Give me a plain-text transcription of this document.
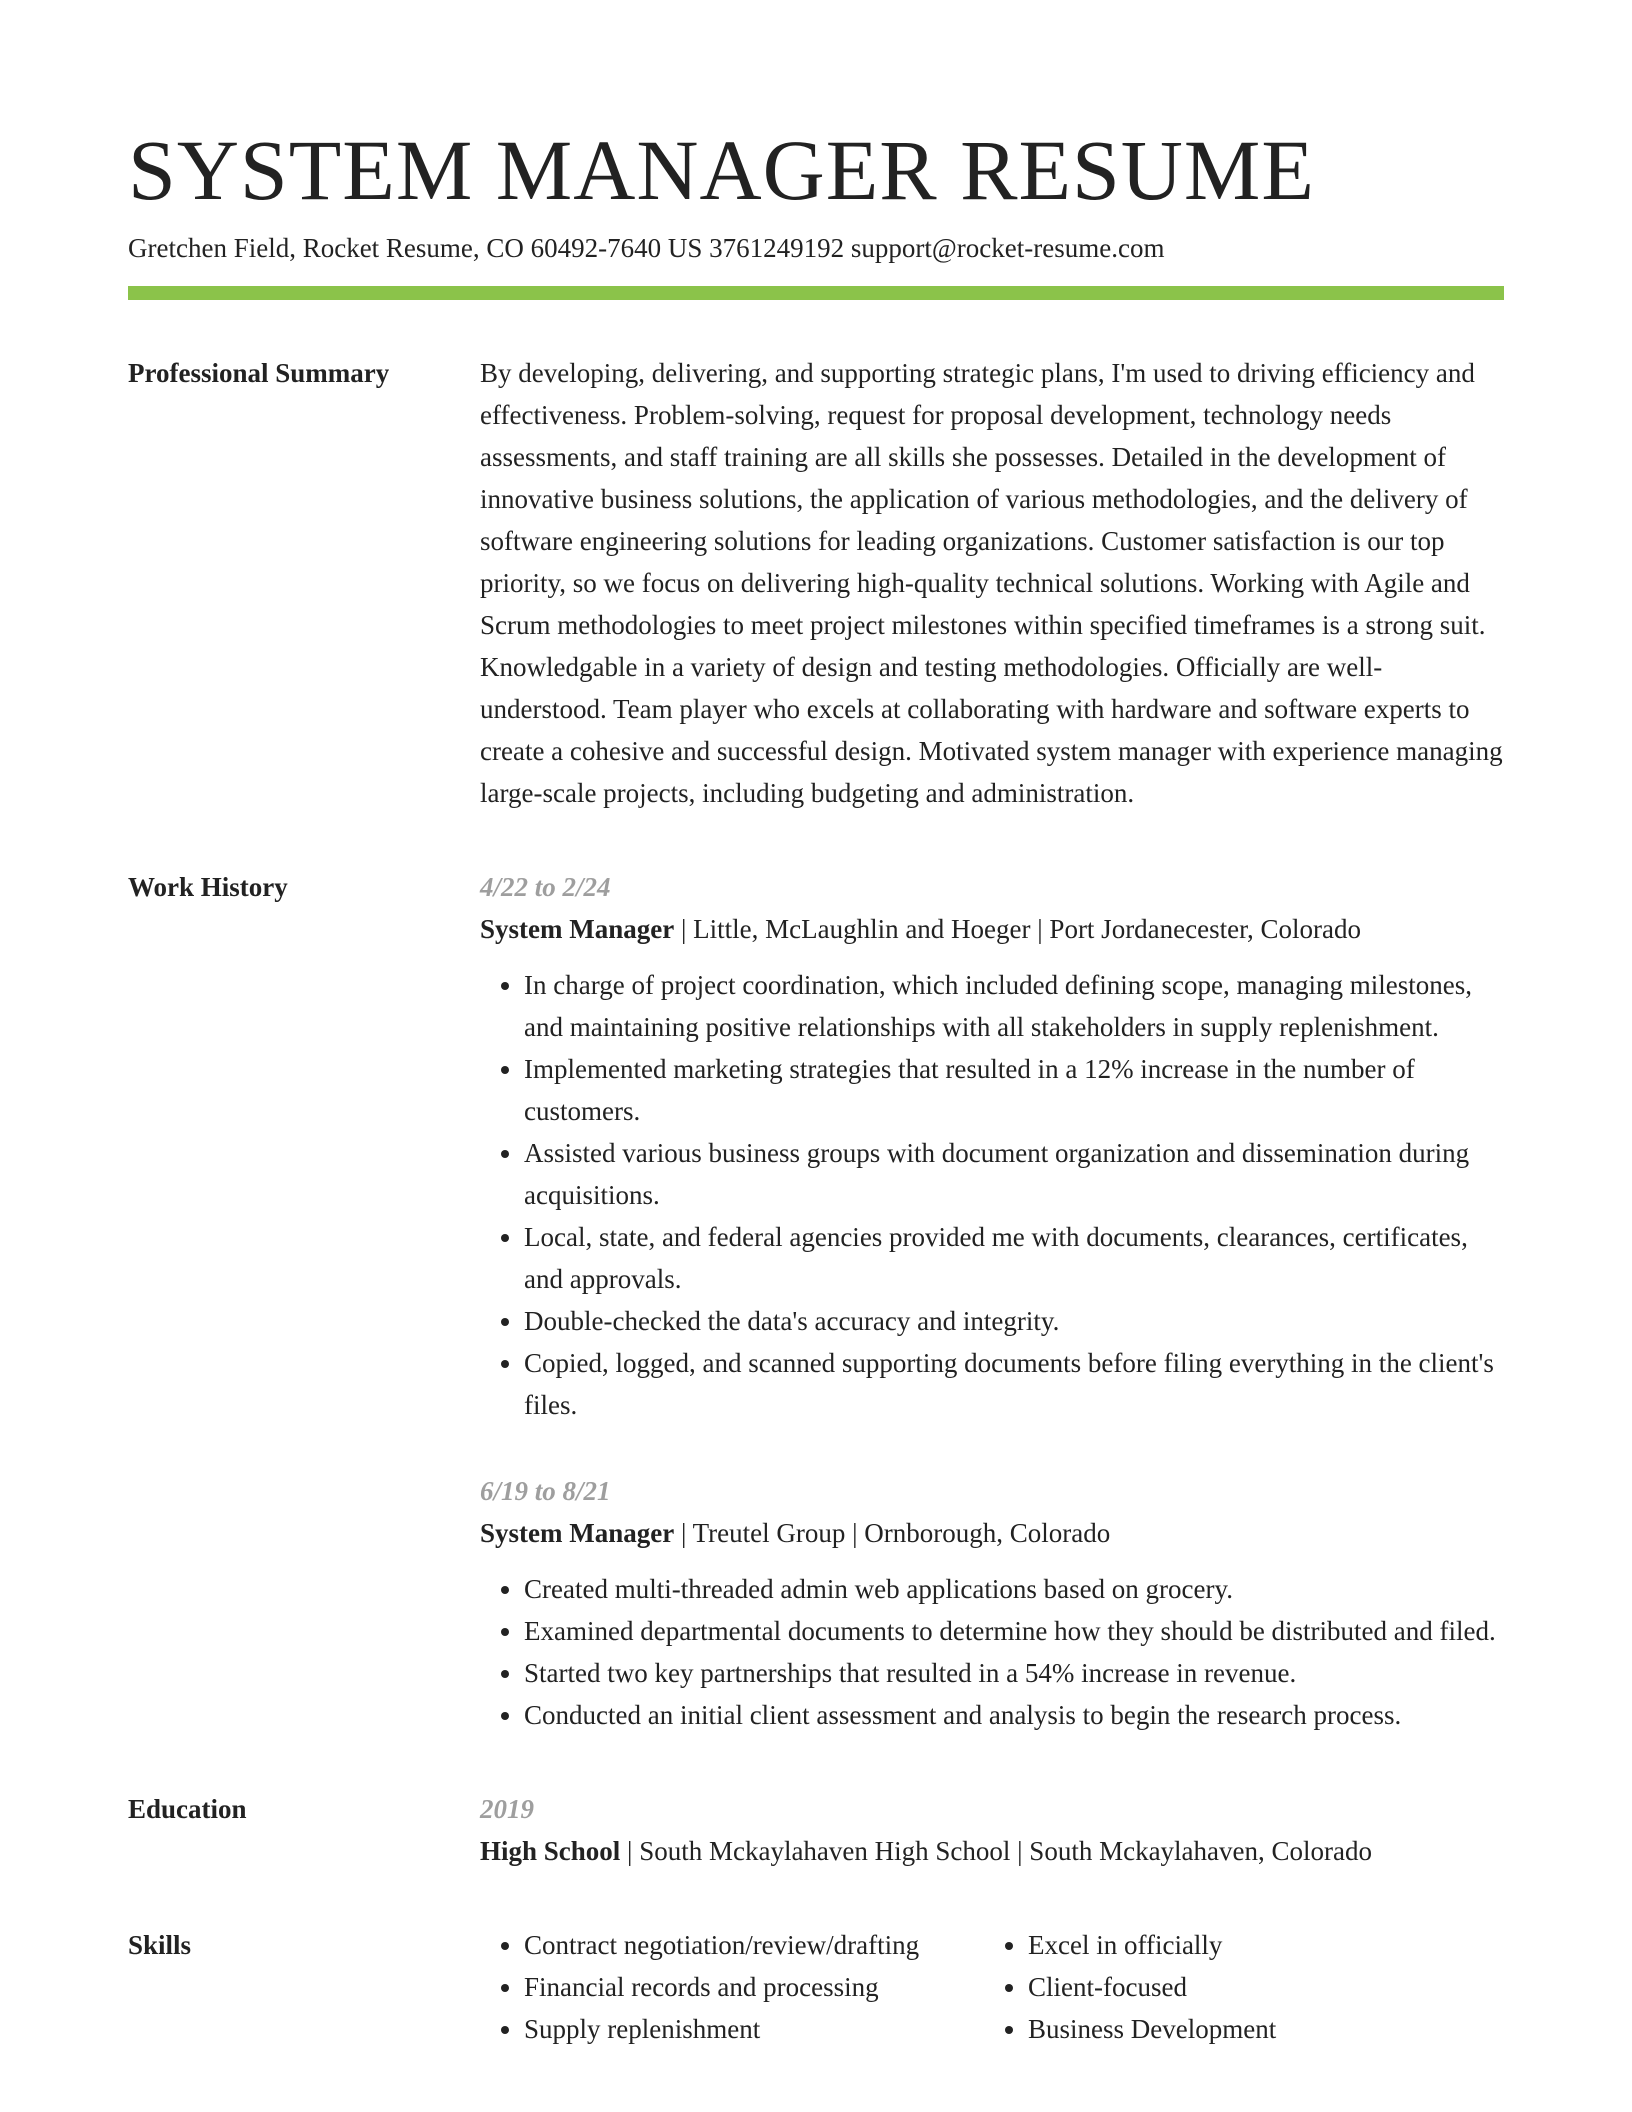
SYSTEM MANAGER RESUME
Gretchen Field, Rocket Resume, CO 60492-7640 US 3761249192 support@rocket-resume.com
Professional Summary	By developing, delivering, and supporting strategic plans, I'm used to driving efficiency and effectiveness. Problem-solving, request for proposal development, technology needs assessments, and staff training are all skills she possesses. Detailed in the development of innovative business solutions, the application of various methodologies, and the delivery of software engineering solutions for leading organizations. Customer satisfaction is our top priority, so we focus on delivering high-quality technical solutions. Working with Agile and Scrum methodologies to meet project milestones within specified timeframes is a strong suit. Knowledgable in a variety of design and testing methodologies. Officially are well-understood. Team player who excels at collaborating with hardware and software experts to create a cohesive and successful design. Motivated system manager with experience managing large-scale projects, including budgeting and administration.

Work History	4/22 to 2/24
System Manager | Little, McLaughlin and Hoeger | Port Jordanecester, Colorado
• In charge of project coordination, which included defining scope, managing milestones, and maintaining positive relationships with all stakeholders in supply replenishment.
• Implemented marketing strategies that resulted in a 12% increase in the number of customers.
• Assisted various business groups with document organization and dissemination during acquisitions.
• Local, state, and federal agencies provided me with documents, clearances, certificates, and approvals.
• Double-checked the data's accuracy and integrity.
• Copied, logged, and scanned supporting documents before filing everything in the client's files.
6/19 to 8/21
System Manager | Treutel Group | Ornborough, Colorado
• Created multi-threaded admin web applications based on grocery.
• Examined departmental documents to determine how they should be distributed and filed.
• Started two key partnerships that resulted in a 54% increase in revenue.
• Conducted an initial client assessment and analysis to begin the research process.
Education	2019
High School | South Mckaylahaven High School | South Mckaylahaven, Colorado
Skills
•	Contract negotiation/review/drafting
• Financial records and processing
• Supply replenishment
• Excel in officially
• Client-focused
• Business Development
